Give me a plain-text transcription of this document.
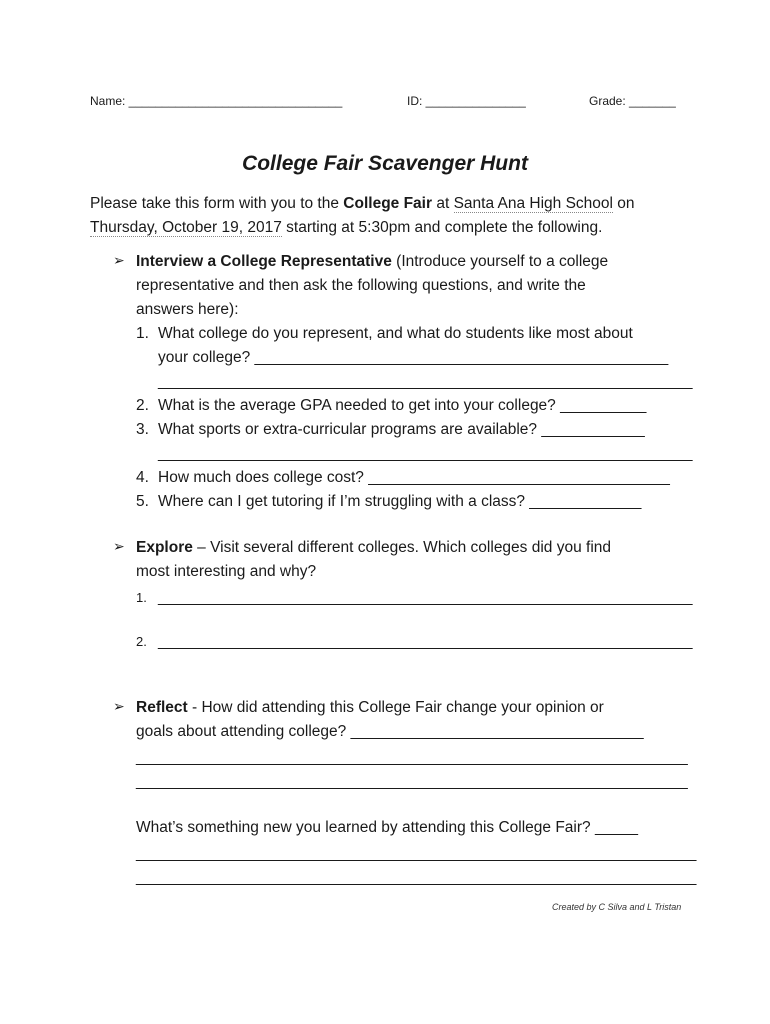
Name: ________________________________	ID: _______________	Grade: _______
College Fair Scavenger Hunt
Please take this form with you to the College Fair at Santa Ana High School on
Thursday, October 19, 2017 starting at 5:30pm and complete the following.
➢ Interview a College Representative (Introduce yourself to a college
representative and then ask the following questions, and write the
answers here):
1. What college do you represent, and what do students like most about
your college? ________________________________________________
______________________________________________________________
2. What is the average GPA needed to get into your college? __________
3. What sports or extra-curricular programs are available? ____________
______________________________________________________________
4. How much does college cost? ___________________________________
5. Where can I get tutoring if I’m struggling with a class? _____________
➢ Explore – Visit several different colleges. Which colleges did you find
most interesting and why?
1. ______________________________________________________________
2. ______________________________________________________________
➢ Reflect - How did attending this College Fair change your opinion or
goals about attending college? __________________________________
________________________________________________________________
________________________________________________________________
What’s something new you learned by attending this College Fair? _____
_________________________________________________________________
_________________________________________________________________
Created by C Silva and L Tristan
